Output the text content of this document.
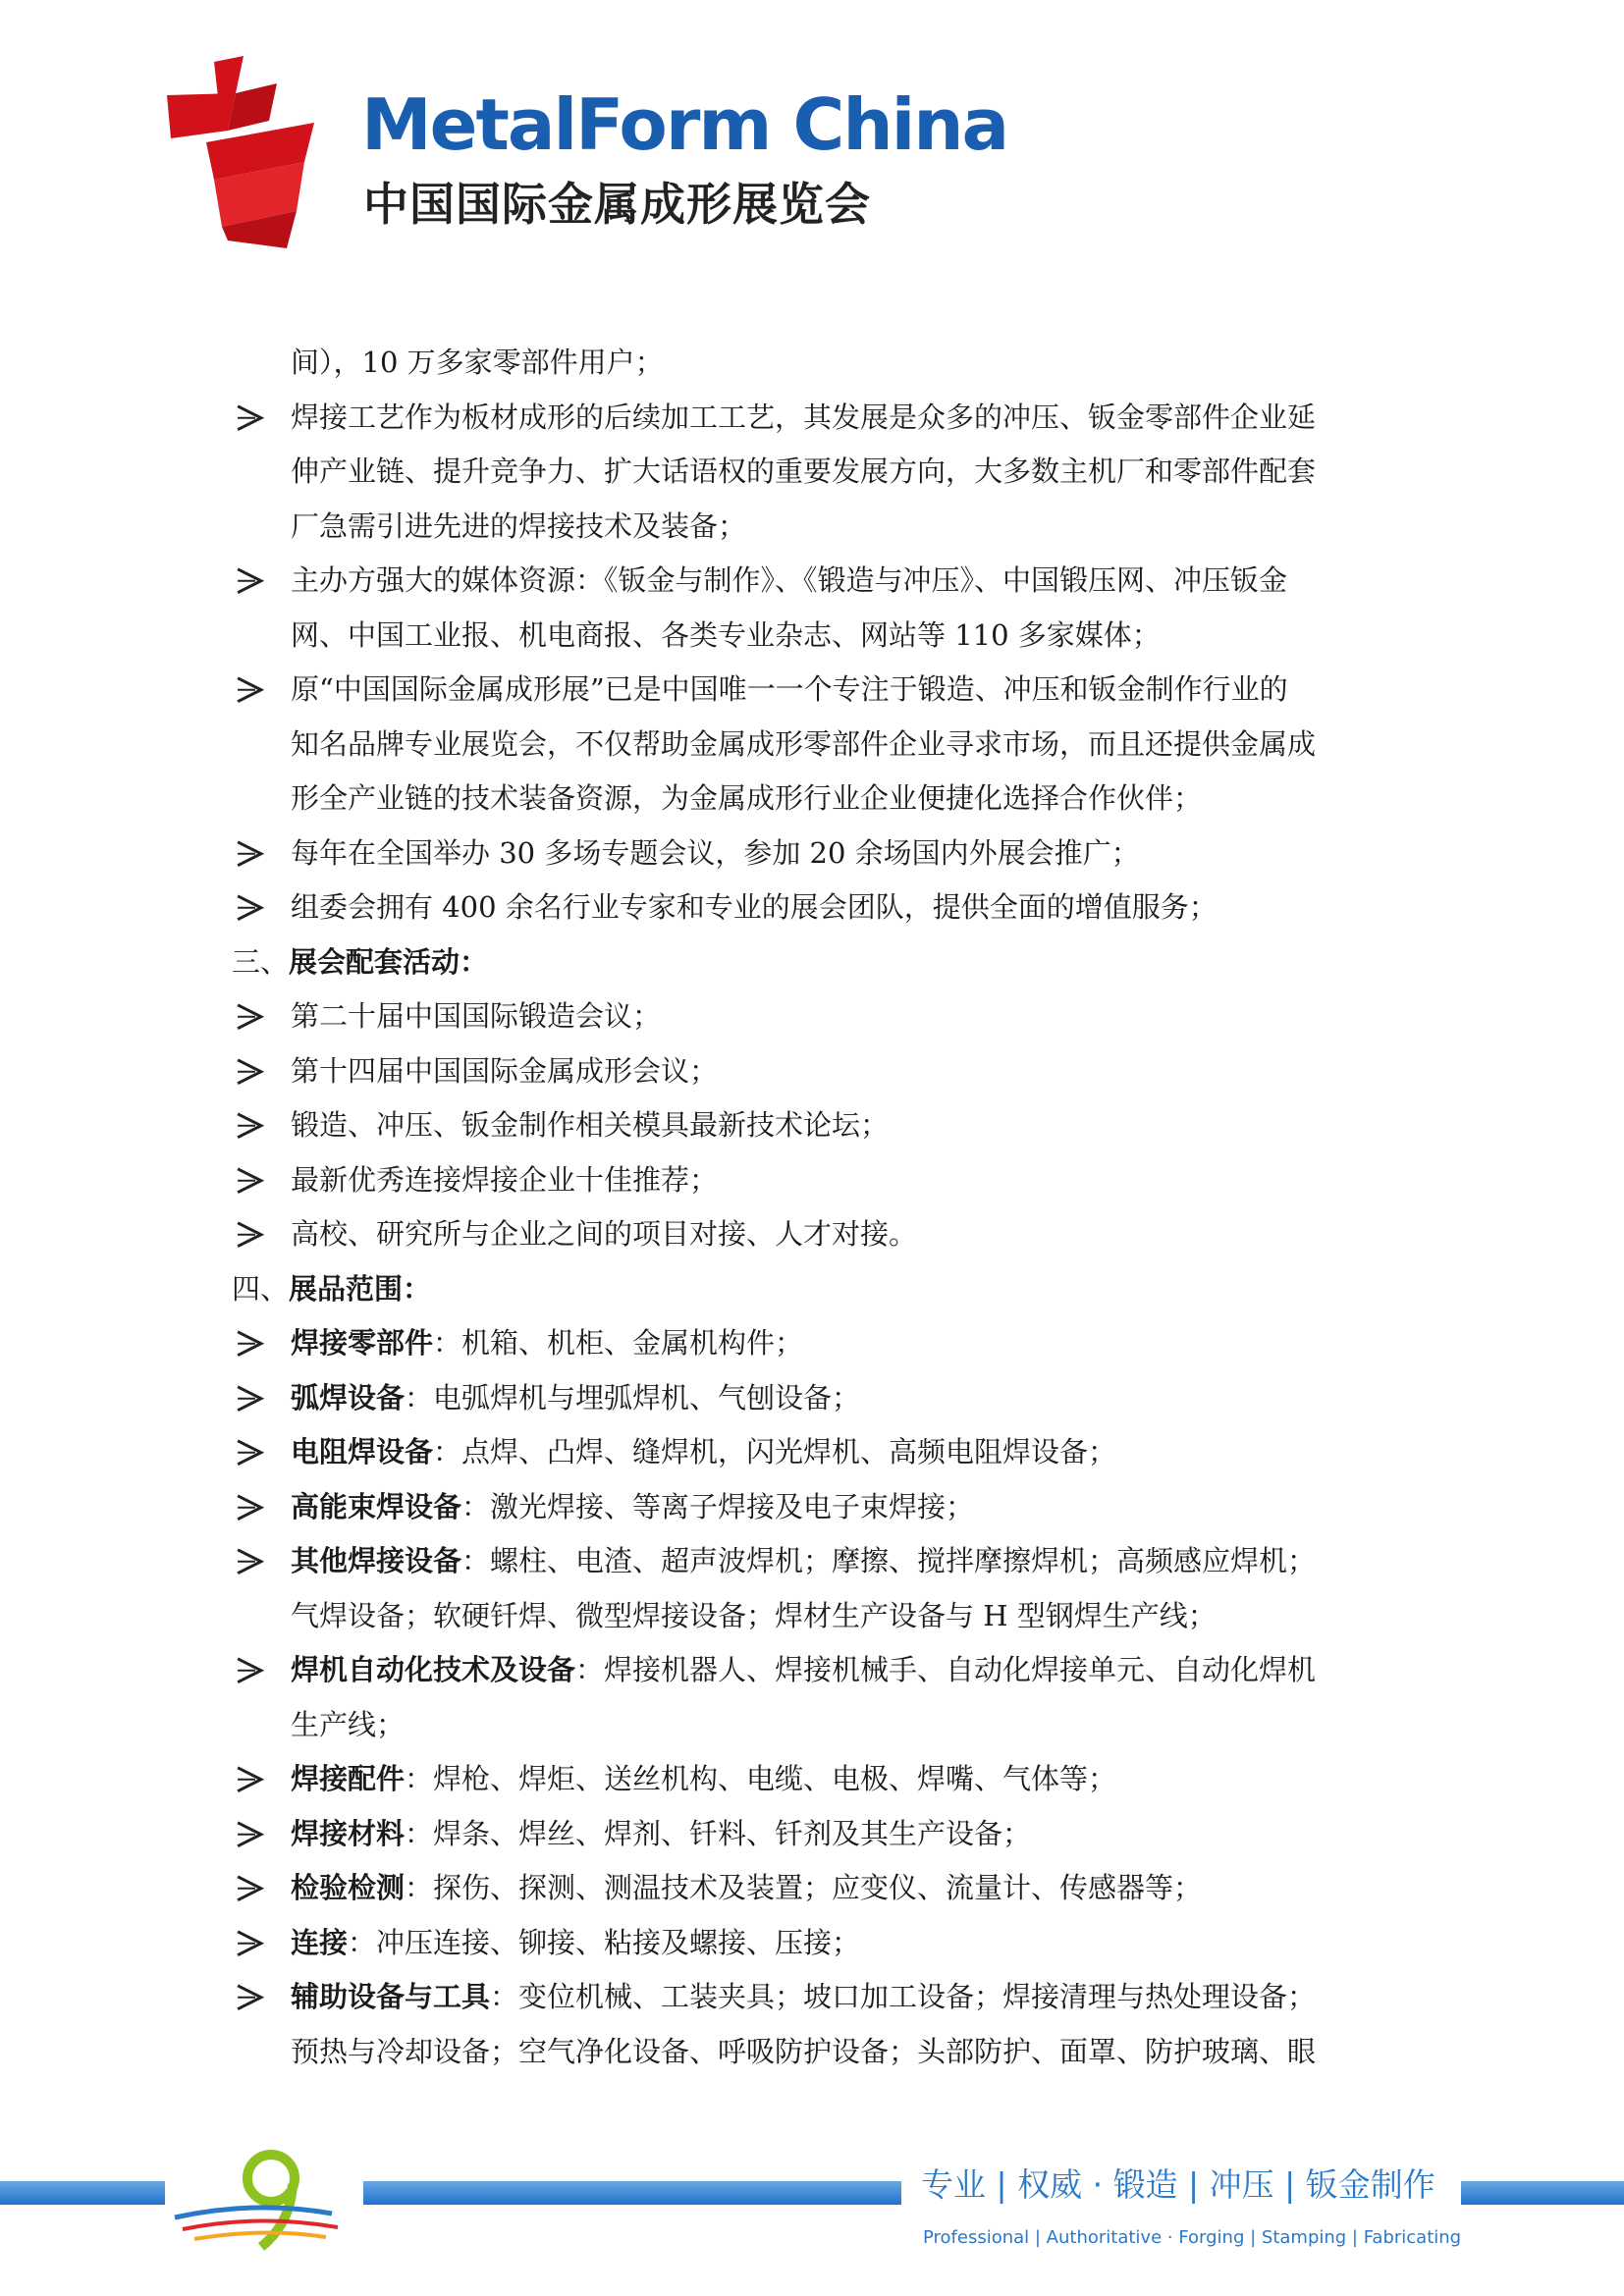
MetalForm China
中国国际金属成形展览会
间），10 万多家零部件用户；
焊接工艺作为板材成形的后续加工工艺，其发展是众多的冲压、钣金零部件企业延
伸产业链、提升竞争力、扩大话语权的重要发展方向，大多数主机厂和零部件配套
厂急需引进先进的焊接技术及装备；
主办方强大的媒体资源：《钣金与制作》、《锻造与冲压》、中国锻压网、冲压钣金
网、中国工业报、机电商报、各类专业杂志、网站等 110 多家媒体；
原“中国国际金属成形展”已是中国唯一一个专注于锻造、冲压和钣金制作行业的
知名品牌专业展览会，不仅帮助金属成形零部件企业寻求市场，而且还提供金属成
形全产业链的技术装备资源，为金属成形行业企业便捷化选择合作伙伴；
每年在全国举办 30 多场专题会议，参加 20 余场国内外展会推广；
组委会拥有 400 余名行业专家和专业的展会团队，提供全面的增值服务；
三、展会配套活动：
第二十届中国国际锻造会议；
第十四届中国国际金属成形会议；
锻造、冲压、钣金制作相关模具最新技术论坛；
最新优秀连接焊接企业十佳推荐；
高校、研究所与企业之间的项目对接、人才对接。
四、展品范围：
焊接零部件：机箱、机柜、金属机构件；
弧焊设备：电弧焊机与埋弧焊机、气刨设备；
电阻焊设备：点焊、凸焊、缝焊机，闪光焊机、高频电阻焊设备；
高能束焊设备：激光焊接、等离子焊接及电子束焊接；
其他焊接设备：螺柱、电渣、超声波焊机；摩擦、搅拌摩擦焊机；高频感应焊机；
气焊设备；软硬钎焊、微型焊接设备；焊材生产设备与 H 型钢焊生产线；
焊机自动化技术及设备：焊接机器人、焊接机械手、自动化焊接单元、自动化焊机
生产线；
焊接配件：焊枪、焊炬、送丝机构、电缆、电极、焊嘴、气体等；
焊接材料：焊条、焊丝、焊剂、钎料、钎剂及其生产设备；
检验检测：探伤、探测、测温技术及装置；应变仪、流量计、传感器等；
连接：冲压连接、铆接、粘接及螺接、压接；
辅助设备与工具：变位机械、工装夹具；坡口加工设备；焊接清理与热处理设备；
预热与冷却设备；空气净化设备、呼吸防护设备；头部防护、面罩、防护玻璃、眼
专业 | 权威 · 锻造 | 冲压 | 钣金制作
Professional | Authoritative · Forging | Stamping | Fabricating
